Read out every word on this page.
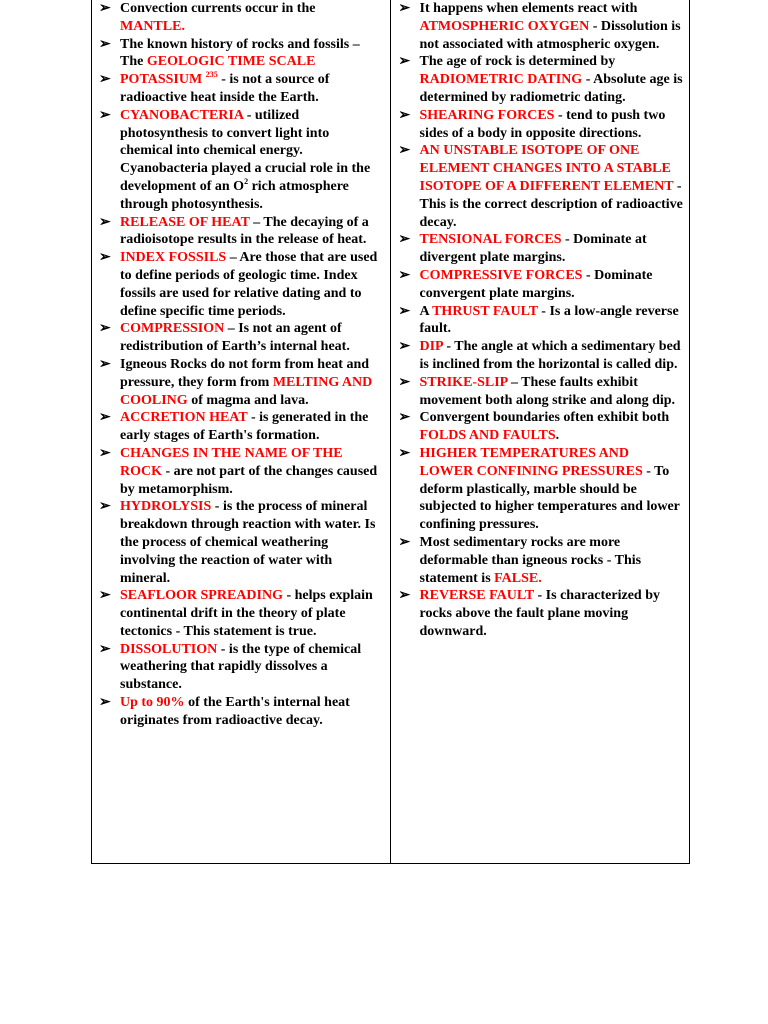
➢ Convection currents occur in the MANTLE.
➢ The known history of rocks and fossils – The GEOLOGIC TIME SCALE
➢ POTASSIUM $^{235}$ - is not a source of radioactive heat inside the Earth.
➢ CYANOBACTERIA - utilized photosynthesis to convert light into chemical into chemical energy. Cyanobacteria played a crucial role in the development of an $O^2$ rich atmosphere through photosynthesis.
➢ RELEASE OF HEAT – The decaying of a radioisotope results in the release of heat.
➢ INDEX FOSSILS – Are those that are used to define periods of geologic time. Index fossils are used for relative dating and to define specific time periods.
➢ COMPRESSION – Is not an agent of redistribution of Earth’s internal heat.
➢ Igneous Rocks do not form from heat and pressure, they form from MELTING AND COOLING of magma and lava.
➢ ACCRETION HEAT - is generated in the early stages of Earth's formation.
➢ CHANGES IN THE NAME OF THE ROCK - are not part of the changes caused by metamorphism.
➢ HYDROLYSIS - is the process of mineral breakdown through reaction with water. Is the process of chemical weathering involving the reaction of water with mineral.
➢ SEAFLOOR SPREADING - helps explain continental drift in the theory of plate tectonics - This statement is true.
➢ DISSOLUTION - is the type of chemical weathering that rapidly dissolves a substance.
➢ Up to 90% of the Earth's internal heat originates from radioactive decay.
➢ It happens when elements react with ATMOSPHERIC OXYGEN - Dissolution is not associated with atmospheric oxygen.
➢ The age of rock is determined by RADIOMETRIC DATING - Absolute age is determined by radiometric dating.
➢ SHEARING FORCES - tend to push two sides of a body in opposite directions.
➢ AN UNSTABLE ISOTOPE OF ONE ELEMENT CHANGES INTO A STABLE ISOTOPE OF A DIFFERENT ELEMENT - This is the correct description of radioactive decay.
➢ TENSIONAL FORCES - Dominate at divergent plate margins.
➢ COMPRESSIVE FORCES - Dominate convergent plate margins.
➢ A THRUST FAULT - Is a low-angle reverse fault.
➢ DIP - The angle at which a sedimentary bed is inclined from the horizontal is called dip.
➢ STRIKE-SLIP – These faults exhibit movement both along strike and along dip.
➢ Convergent boundaries often exhibit both FOLDS AND FAULTS.
➢ HIGHER TEMPERATURES AND LOWER CONFINING PRESSURES - To deform plastically, marble should be subjected to higher temperatures and lower confining pressures.
➢ Most sedimentary rocks are more deformable than igneous rocks - This statement is FALSE.
➢ REVERSE FAULT - Is characterized by rocks above the fault plane moving downward.
